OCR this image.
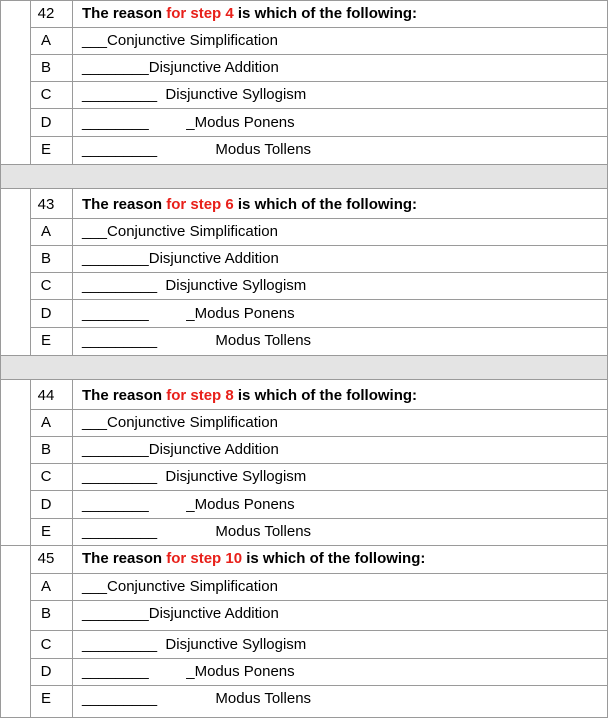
42	The reason for step 4 is which of the following:
A	___Conjunctive Simplification
B	________Disjunctive Addition
C	_________  Disjunctive Syllogism
D	________         _Modus Ponens
E	_________              Modus Tollens
43	The reason for step 6 is which of the following:
A	___Conjunctive Simplification
B	________Disjunctive Addition
C	_________  Disjunctive Syllogism
D	________         _Modus Ponens
E	_________              Modus Tollens
44	The reason for step 8 is which of the following:
A	___Conjunctive Simplification
B	________Disjunctive Addition
C	_________  Disjunctive Syllogism
D	________         _Modus Ponens
E	_________              Modus Tollens
45	The reason for step 10 is which of the following:
A	___Conjunctive Simplification
B	________Disjunctive Addition
C	_________  Disjunctive Syllogism
D	________         _Modus Ponens
E	_________              Modus Tollens
